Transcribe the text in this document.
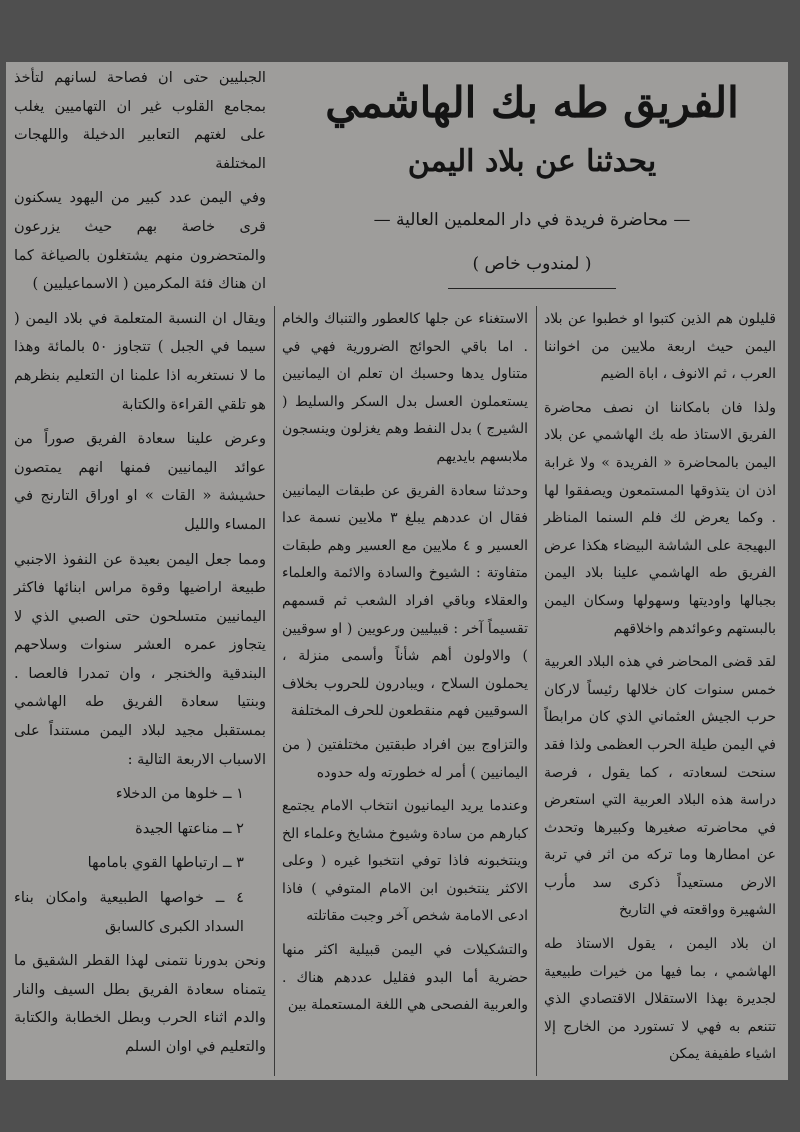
الفريق طه بك الهاشمي
يحدثنا عن بلاد اليمن
— محاضرة فريدة في دار المعلمين العالية —
( لمندوب خاص )

قليلون هم الذين كتبوا او خطبوا عن بلاد اليمن حيث اربعة ملايين من اخواننا العرب ، ثم الانوف ، اباة الضيم

ولذا فان بامكاننا ان نصف محاضرة الفريق الاستاذ طه بك الهاشمي عن بلاد اليمن بالمحاضرة « الفريدة » ولا غرابة اذن ان يتذوقها المستمعون ويصفقوا لها . وكما يعرض لك فلم السنما المناظر البهيجة على الشاشة البيضاء هكذا عرض الفريق طه الهاشمي علينا بلاد اليمن بجبالها واوديتها وسهولها وسكان اليمن بالبستهم وعوائدهم واخلاقهم

لقد قضى المحاضر في هذه البلاد العربية خمس سنوات كان خلالها رئيساً لاركان حرب الجيش العثماني الذي كان مرابطاً في اليمن طيلة الحرب العظمى ولذا فقد سنحت لسعادته ، كما يقول ، فرصة دراسة هذه البلاد العربية التي استعرض في محاضرته صغيرها وكبيرها وتحدث عن امطارها وما تركه من اثر في تربة الارض مستعيداً ذكرى سد مأرب الشهيرة وواقعته في التاريخ

ان بلاد اليمن ، يقول الاستاذ طه الهاشمي ، بما فيها من خيرات طبيعية لجديرة بهذا الاستقلال الاقتصادي الذي تتنعم به فهي لا تستورد من الخارج إلا اشياء طفيفة يمكن

الاستغناء عن جلها كالعطور والتنباك والخام . اما باقي الحوائج الضرورية فهي في متناول يدها وحسبك ان تعلم ان اليمانيين يستعملون العسل بدل السكر والسليط ( الشيرج ) بدل النفط وهم يغزلون وينسجون ملابسهم بايديهم

وحدثنا سعادة الفريق عن طبقات اليمانيين فقال ان عددهم يبلغ ٣ ملايين نسمة عدا العسير و ٤ ملايين مع العسير وهم طبقات متفاوتة : الشيوخ والسادة والائمة والعلماء والعقلاء وباقي افراد الشعب ثم قسمهم تقسيماً آخر : قبيليين ورعويين ( او سوقيين ) والاولون أهم شأناً وأسمى منزلة ، يحملون السلاح ، ويبادرون للحروب بخلاف السوقيين فهم منقطعون للحرف المختلفة

والتزاوج بين افراد طبقتين مختلفتين ( من اليمانيين ) أمر له خطورته وله حدوده

وعندما يريد اليمانيون انتخاب الامام يجتمع كبارهم من سادة وشيوخ مشايخ وعلماء الخ وينتخبونه فاذا توفي انتخبوا غيره ( وعلى الاكثر ينتخبون ابن الامام المتوفي ) فاذا ادعى الامامة شخص آخر وجبت مقاتلته

والتشكيلات في اليمن قبيلية اكثر منها حضرية أما البدو فقليل عددهم هناك . والعربية الفصحى هي اللغة المستعملة بين

الجبليين حتى ان فصاحة لسانهم لتأخذ بمجامع القلوب غير ان التهاميين يغلب على لغتهم التعابير الدخيلة واللهجات المختلفة

وفي اليمن عدد كبير من اليهود يسكنون قرى خاصة بهم حيث يزرعون والمتحضرون منهم يشتغلون بالصياغة كما ان هناك فئة المكرمين ( الاسماعيليين )

ويقال ان النسبة المتعلمة في بلاد اليمن ( سيما في الجبل ) تتجاوز ٥٠ بالمائة وهذا ما لا نستغربه اذا علمنا ان التعليم بنظرهم هو تلقي القراءة والكتابة

وعرض علينا سعادة الفريق صوراً من عوائد اليمانيين فمنها انهم يمتصون حشيشة « القات » او اوراق التارنج في المساء والليل

ومما جعل اليمن بعيدة عن النفوذ الاجنبي طبيعة اراضيها وقوة مراس ابنائها فاكثر اليمانيين متسلحون حتى الصبي الذي لا يتجاوز عمره العشر سنوات وسلاحهم البندقية والخنجر ، وان تمدرا فالعصا . وبنتيا سعادة الفريق طه الهاشمي بمستقبل مجيد لبلاد اليمن مستنداً على الاسباب الاربعة التالية :

١ ــ خلوها من الدخلاء

٢ ــ مناعتها الجيدة

٣ ــ ارتباطها القوي بامامها

٤ ــ خواصها الطبيعية وامكان بناء السداد الكبرى كالسابق

ونحن بدورنا نتمنى لهذا القطر الشقيق ما يتمناه سعادة الفريق بطل السيف والنار والدم اثناء الحرب وبطل الخطابة والكتابة والتعليم في اوان السلم
